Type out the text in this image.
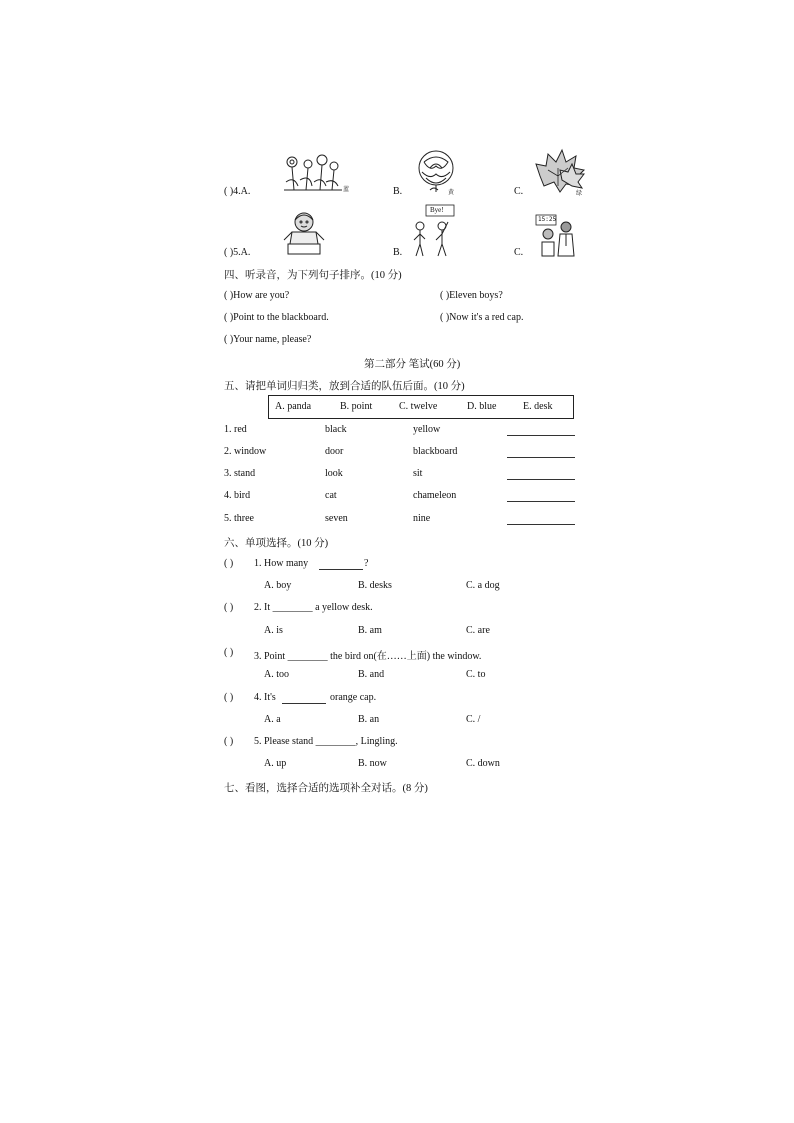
( )4.A.	蓝	B.	黄	C.	绿
( )5.A.	B.
Bye!
C.
15:25
四、听录音，为下列句子排序。(10 分)
( )How are you?	( )Eleven boys?
( )Point to the blackboard.	( )Now it's a red cap.
( )Your name, please?
第二部分 笔试(60 分)
五、请把单词归归类，放到合适的队伍后面。(10 分)
A. panda	B. point	C. twelve	D. blue	E. desk
1. red	black	yellow
2. window	door	blackboard
3. stand	look	sit
4. bird	cat	chameleon
5. three	seven	nine
六、单项选择。(10 分)
( ) 1. How many	?
A. boy	B. desks	C. a dog
( ) 2. It ________ a yellow desk.
A. is	B. am	C. are
( ) 3. Point ________ the bird on(在……上面) the window.
A. too	B. and	C. to
( ) 4. It's	orange cap.
A. a	B. an	C. /
( ) 5. Please stand ________, Lingling.
A. up	B. now	C. down
七、看图，选择合适的选项补全对话。(8 分)
